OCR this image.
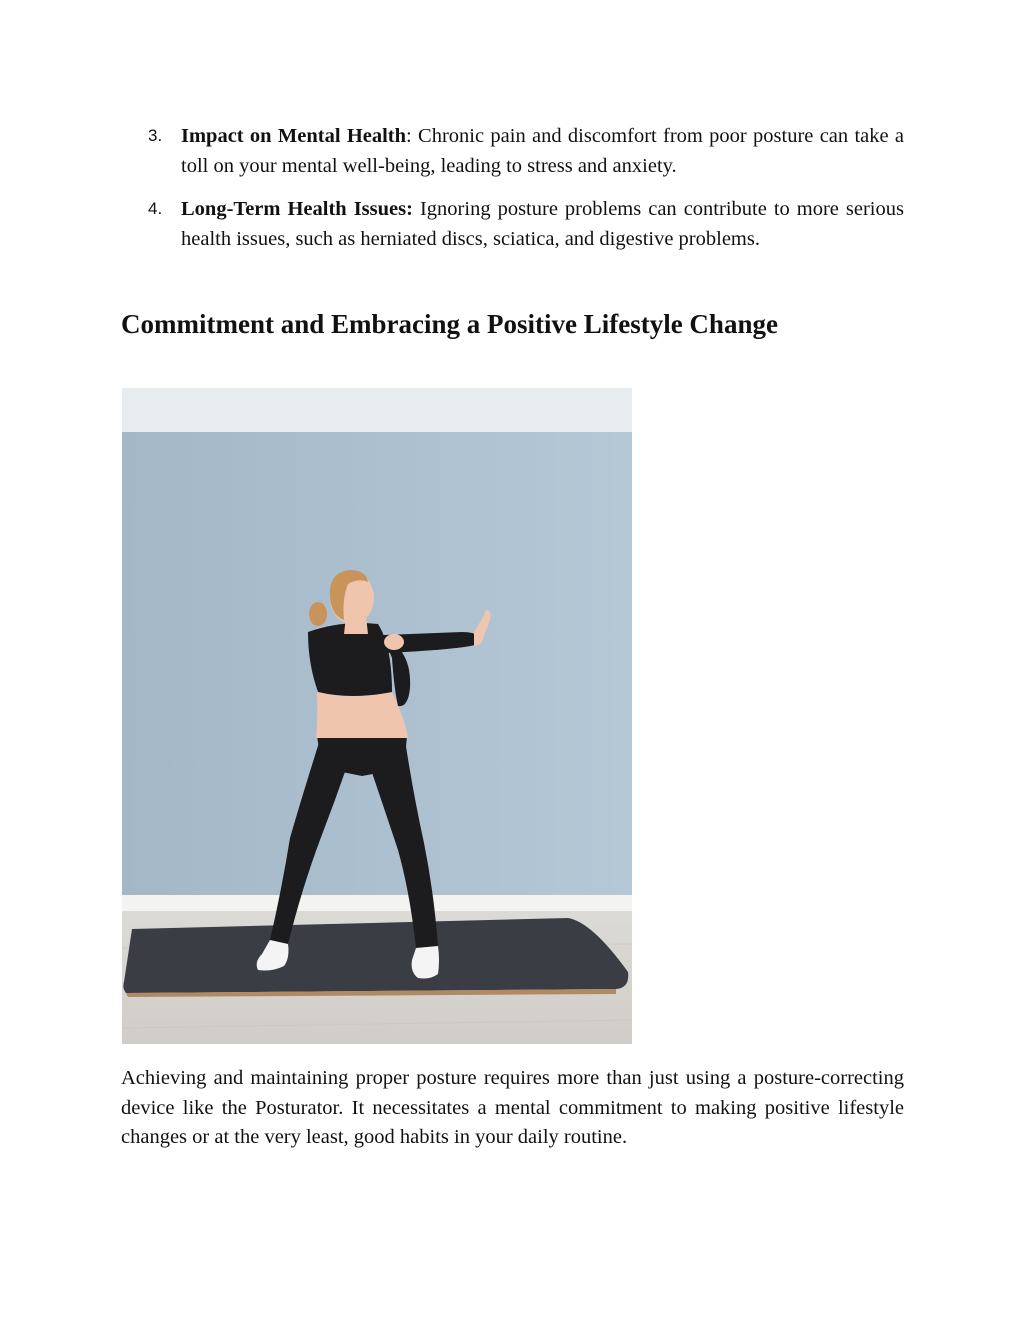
3. Impact on Mental Health: Chronic pain and discomfort from poor posture can take a toll on your mental well-being, leading to stress and anxiety.
4. Long-Term Health Issues: Ignoring posture problems can contribute to more serious health issues, such as herniated discs, sciatica, and digestive problems.
Commitment and Embracing a Positive Lifestyle Change

Achieving and maintaining proper posture requires more than just using a posture-correcting device like the Posturator. It necessitates a mental commitment to making positive lifestyle changes or at the very least, good habits in your daily routine.
